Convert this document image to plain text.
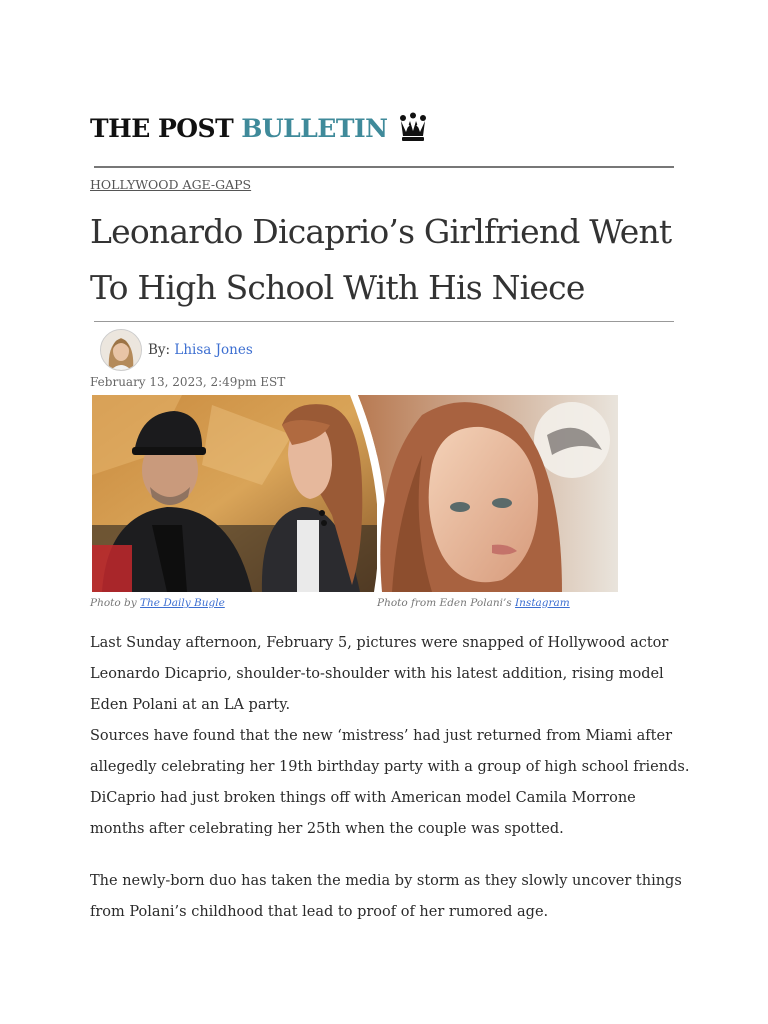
THE POST BULLETIN
HOLLYWOOD AGE-GAPS
Leonardo Dicaprio’s Girlfriend Went
To High School With His Niece
By: Lhisa Jones
February 13, 2023, 2:49pm EST
Photo by The Daily Bugle	Photo from Eden Polani’s Instagram

Last Sunday afternoon, February 5, pictures were snapped of Hollywood actor Leonardo Dicaprio, shoulder-to-shoulder with his latest addition, rising model Eden Polani at an LA party.

Sources have found that the new ‘mistress’ had just returned from Miami after allegedly celebrating her 19th birthday party with a group of high school friends.

DiCaprio had just broken things off with American model Camila Morrone months after celebrating her 25th when the couple was spotted.

The newly-born duo has taken the media by storm as they slowly uncover things from Polani’s childhood that lead to proof of her rumored age.
